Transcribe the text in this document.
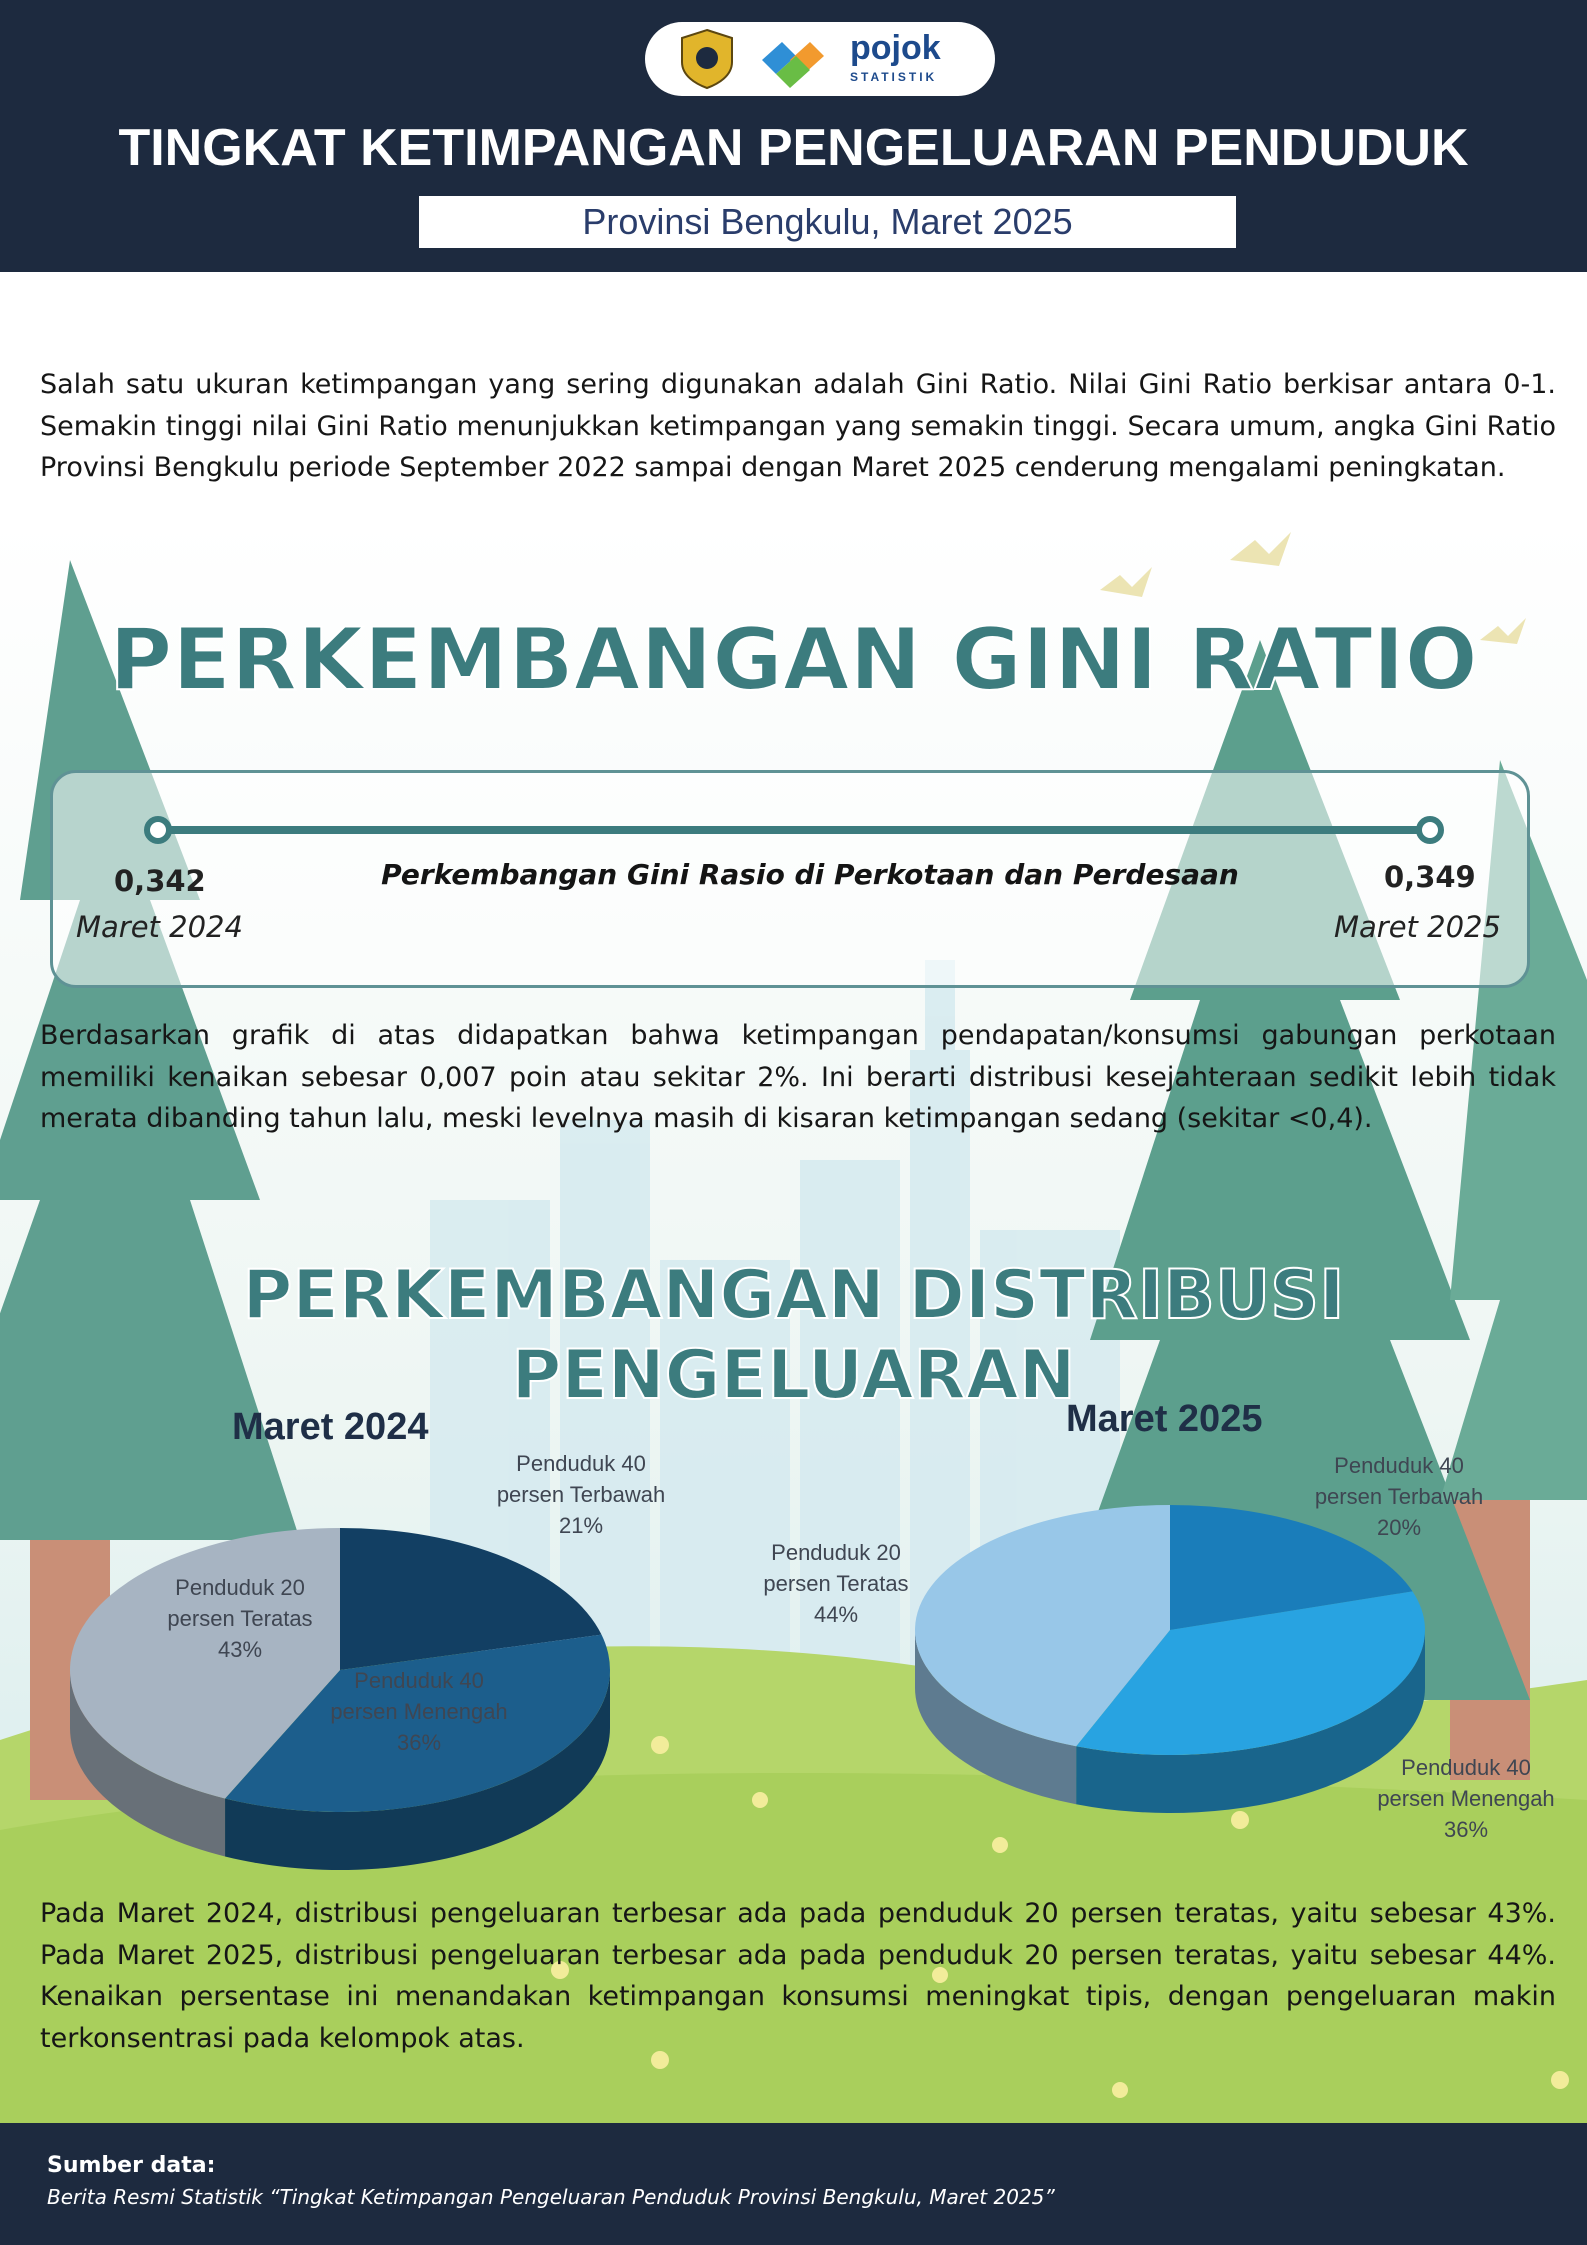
pojok
STATISTIK
TINGKAT KETIMPANGAN PENGELUARAN PENDUDUK
Provinsi Bengkulu, Maret 2025
Salah satu ukuran ketimpangan yang sering digunakan adalah Gini Ratio. Nilai Gini Ratio berkisar antara 0-1. Semakin tinggi nilai Gini Ratio menunjukkan ketimpangan yang semakin tinggi. Secara umum, angka Gini Ratio Provinsi Bengkulu periode September 2022 sampai dengan Maret 2025 cenderung mengalami peningkatan.
PERKEMBANGAN GINI RATIO
0,342
Maret 2024
Perkembangan Gini Rasio di Perkotaan dan Perdesaan	0,349
Maret 2025
Berdasarkan grafik di atas didapatkan bahwa ketimpangan pendapatan/konsumsi gabungan perkotaan memiliki kenaikan sebesar 0,007 poin atau sekitar 2%. Ini berarti distribusi kesejahteraan sedikit lebih tidak merata dibanding tahun lalu, meski levelnya masih di kisaran ketimpangan sedang (sekitar <0,4).
PERKEMBANGAN DISTRIBUSI PENGELUARAN
Maret 2024
Penduduk 40
persen Terbawah
21%
Penduduk 20
persen Teratas
43%
Penduduk 40
persen Menengah
36%
Maret 2025
Penduduk 40
persen Terbawah
20%
Penduduk 20
persen Teratas
44%
Penduduk 40
persen Menengah
36%
Pada Maret 2024, distribusi pengeluaran terbesar ada pada penduduk 20 persen teratas, yaitu sebesar 43%. Pada Maret 2025, distribusi pengeluaran terbesar ada pada penduduk 20 persen teratas, yaitu sebesar 44%. Kenaikan persentase ini menandakan ketimpangan konsumsi meningkat tipis, dengan pengeluaran makin terkonsentrasi pada kelompok atas.
Sumber data:
Berita Resmi Statistik “Tingkat Ketimpangan Pengeluaran Penduduk Provinsi Bengkulu, Maret 2025”
